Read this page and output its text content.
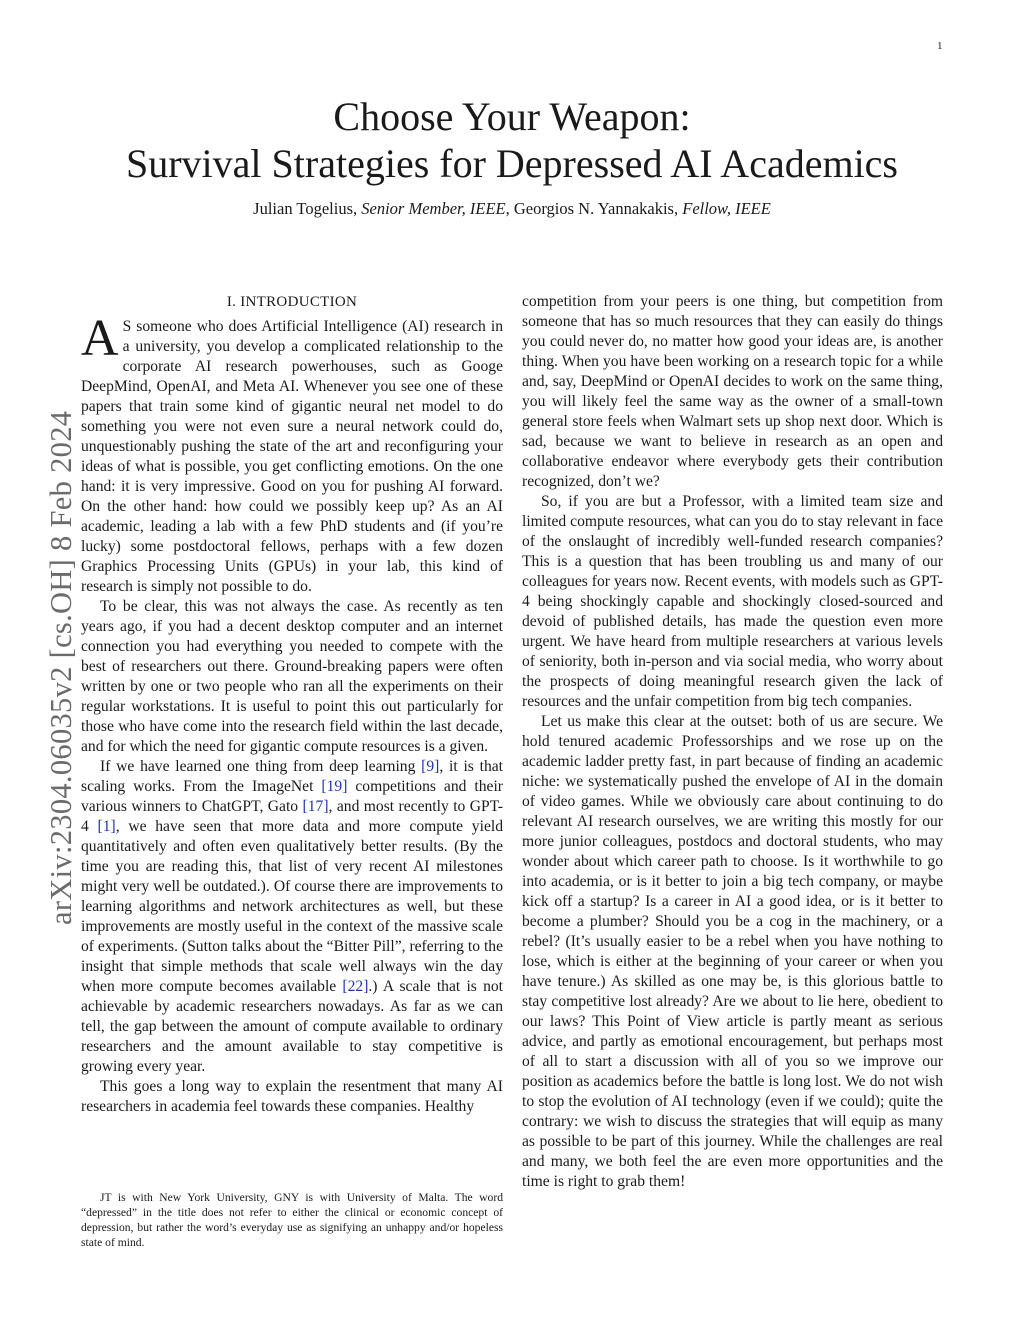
1
arXiv:2304.06035v2 [cs.OH] 8 Feb 2024
Choose Your Weapon:
Survival Strategies for Depressed AI Academics
Julian Togelius, Senior Member, IEEE, Georgios N. Yannakakis, Fellow, IEEE
I. INTRODUCTION

A S someone who does Artificial Intelligence (AI) research in a university, you develop a complicated relationship to the corporate AI research powerhouses, such as Googe DeepMind, OpenAI, and Meta AI. Whenever you see one of these papers that train some kind of gigantic neural net model to do something you were not even sure a neural network could do, unquestionably pushing the state of the art and reconfiguring your ideas of what is possible, you get conflicting emotions. On the one hand: it is very impressive. Good on you for pushing AI forward. On the other hand: how could we possibly keep up? As an AI academic, leading a lab with a few PhD students and (if you’re lucky) some postdoctoral fellows, perhaps with a few dozen Graphics Processing Units (GPUs) in your lab, this kind of research is simply not possible to do.

To be clear, this was not always the case. As recently as ten years ago, if you had a decent desktop computer and an internet connection you had everything you needed to compete with the best of researchers out there. Ground-breaking papers were often written by one or two people who ran all the experiments on their regular workstations. It is useful to point this out particularly for those who have come into the research field within the last decade, and for which the need for gigantic compute resources is a given.

If we have learned one thing from deep learning [9], it is that scaling works. From the ImageNet [19] competitions and their various winners to ChatGPT, Gato [17], and most recently to GPT-4 [1], we have seen that more data and more compute yield quantitatively and often even qualitatively better results. (By the time you are reading this, that list of very recent AI milestones might very well be outdated.). Of course there are improvements to learning algorithms and network architectures as well, but these improvements are mostly useful in the context of the massive scale of experiments. (Sutton talks about the “Bitter Pill”, referring to the insight that simple methods that scale well always win the day when more compute becomes available [22].) A scale that is not achievable by academic researchers nowadays. As far as we can tell, the gap between the amount of compute available to ordinary researchers and the amount available to stay competitive is growing every year.

This goes a long way to explain the resentment that many AI researchers in academia feel towards these companies. Healthy

JT is with New York University, GNY is with University of Malta. The word “depressed” in the title does not refer to either the clinical or economic concept of depression, but rather the word’s everyday use as signifying an unhappy and/or hopeless state of mind.

competition from your peers is one thing, but competition from someone that has so much resources that they can easily do things you could never do, no matter how good your ideas are, is another thing. When you have been working on a research topic for a while and, say, DeepMind or OpenAI decides to work on the same thing, you will likely feel the same way as the owner of a small-town general store feels when Walmart sets up shop next door. Which is sad, because we want to believe in research as an open and collaborative endeavor where everybody gets their contribution recognized, don’t we?

So, if you are but a Professor, with a limited team size and limited compute resources, what can you do to stay relevant in face of the onslaught of incredibly well-funded research companies? This is a question that has been troubling us and many of our colleagues for years now. Recent events, with models such as GPT-4 being shockingly capable and shockingly closed-sourced and devoid of published details, has made the question even more urgent. We have heard from multiple researchers at various levels of seniority, both in-person and via social media, who worry about the prospects of doing meaningful research given the lack of resources and the unfair competition from big tech companies.

Let us make this clear at the outset: both of us are secure. We hold tenured academic Professorships and we rose up on the academic ladder pretty fast, in part because of finding an academic niche: we systematically pushed the envelope of AI in the domain of video games. While we obviously care about continuing to do relevant AI research ourselves, we are writing this mostly for our more junior colleagues, postdocs and doctoral students, who may wonder about which career path to choose. Is it worthwhile to go into academia, or is it better to join a big tech company, or maybe kick off a startup? Is a career in AI a good idea, or is it better to become a plumber? Should you be a cog in the machinery, or a rebel? (It’s usually easier to be a rebel when you have nothing to lose, which is either at the beginning of your career or when you have tenure.) As skilled as one may be, is this glorious battle to stay competitive lost already? Are we about to lie here, obedient to our laws? This Point of View article is partly meant as serious advice, and partly as emotional encouragement, but perhaps most of all to start a discussion with all of you so we improve our position as academics before the battle is long lost. We do not wish to stop the evolution of AI technology (even if we could); quite the contrary: we wish to discuss the strategies that will equip as many as possible to be part of this journey. While the challenges are real and many, we both feel the are even more opportunities and the time is right to grab them!
